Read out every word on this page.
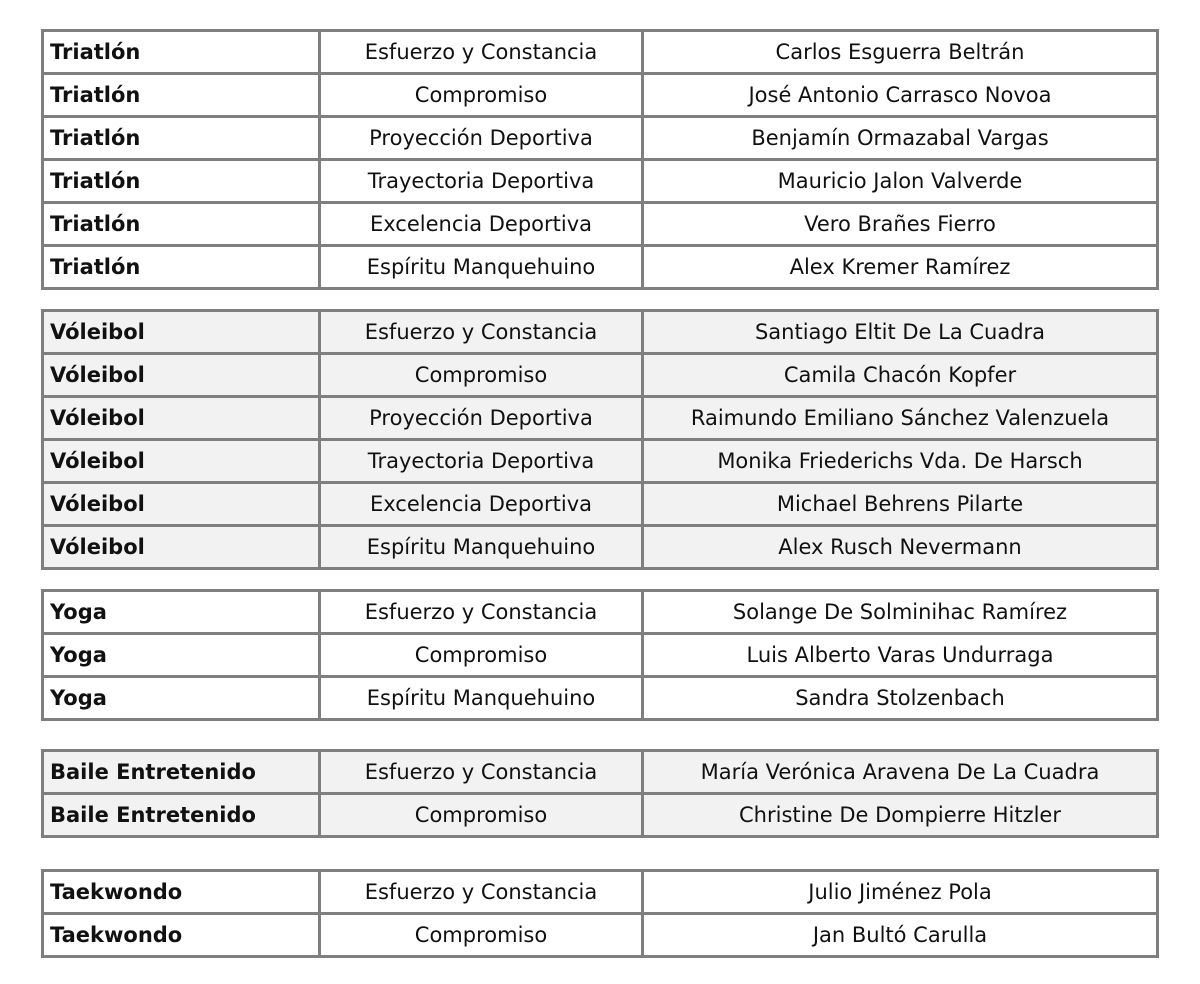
Triatlón	Esfuerzo y Constancia	Carlos Esguerra Beltrán
Triatlón	Compromiso	José Antonio Carrasco Novoa
Triatlón	Proyección Deportiva	Benjamín Ormazabal Vargas
Triatlón	Trayectoria Deportiva	Mauricio Jalon Valverde
Triatlón	Excelencia Deportiva	Vero Brañes Fierro
Triatlón	Espíritu Manquehuino	Alex Kremer Ramírez
Vóleibol	Esfuerzo y Constancia	Santiago Eltit De La Cuadra
Vóleibol	Compromiso	Camila Chacón Kopfer
Vóleibol	Proyección Deportiva	Raimundo Emiliano Sánchez Valenzuela
Vóleibol	Trayectoria Deportiva	Monika Friederichs Vda. De Harsch
Vóleibol	Excelencia Deportiva	Michael Behrens Pilarte
Vóleibol	Espíritu Manquehuino	Alex Rusch Nevermann
Yoga	Esfuerzo y Constancia	Solange De Solminihac Ramírez
Yoga	Compromiso	Luis Alberto Varas Undurraga
Yoga	Espíritu Manquehuino	Sandra Stolzenbach
Baile Entretenido	Esfuerzo y Constancia	María Verónica Aravena De La Cuadra
Baile Entretenido	Compromiso	Christine De Dompierre Hitzler
Taekwondo	Esfuerzo y Constancia	Julio Jiménez Pola
Taekwondo	Compromiso	Jan Bultó Carulla
